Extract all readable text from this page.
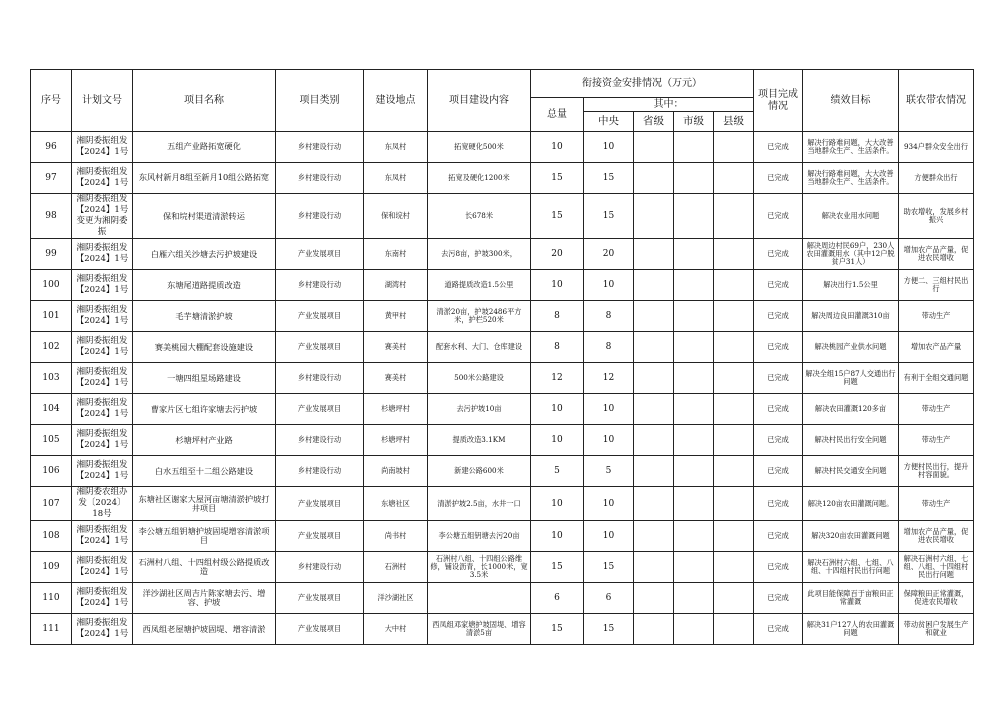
序号	计划文号	项目名称	项目类别	建设地点	项目建设内容	衔接资金安排情况（万元）					项目完成情况	绩效目标	联农带农情况
						总量	其中：						
							中央	省级	市级	县级			
96	湘阴委振组发【2024】1号	五组产业路拓宽硬化	乡村建设行动	东凤村	拓宽硬化500米	10	10				已完成	解决行路难问题，大大改善当地群众生产、生活条件。	934户群众安全出行
97	湘阴委振组发【2024】1号	东风村新月8组至新月10组公路拓宽	乡村建设行动	东凤村	拓宽及硬化1200米	15	15				已完成	解决行路难问题，大大改善当地群众生产、生活条件。	方便群众出行
98	湘阴委振组发【2024】1号变更为湘阴委振	保和垸村渠道清淤转运	乡村建设行动	保和垸村	长678米	15	15				已完成	解决农业用水问题	助农增收，发展乡村振兴
99	湘阴委振组发【2024】1号	白雁六组关沙塘去污护坡建设	产业发展项目	东南村	去污8亩，护坡300米，	20	20				已完成	解决周边村民69户，230人农田灌溉用水（其中12户脱贫户31人）	增加农产品产量，促进农民增收
100	湘阴委振组发【2024】1号	东塘尾道路提质改造	乡村建设行动	湖湾村	道路提质改造1.5公里	10	10				已完成	解决出行1.5公里	方便二、三组村民出行
101	湘阴委振组发【2024】1号	毛芋塘清淤护坡	产业发展项目	黄甲村	清淤20亩，护坡2486平方米，护栏520米	8	8				已完成	解决周边良田灌溉310亩	带动生产
102	湘阴委振组发【2024】1号	赛美桃园大棚配套设施建设	产业发展项目	赛美村	配套水利、大门、仓库建设	8	8				已完成	解决桃园产业供水问题	增加农产品产量
103	湘阴委振组发【2024】1号	一塘四组星场路建设	乡村建设行动	赛美村	500米公路建设	12	12				已完成	解决全组15户87人交通出行问题	有利于全组交通问题
104	湘阴委振组发【2024】1号	曹家片区七组许家塘去污护坡	产业发展项目	杉塘坪村	去污护坡10亩	10	10				已完成	解决农田灌溉120多亩	带动生产
105	湘阴委振组发【2024】1号	杉塘坪村产业路	乡村建设行动	杉塘坪村	提质改造3.1KM	10	10				已完成	解决村民出行安全问题	带动生产
106	湘阴委振组发【2024】1号	白水五组至十二组公路建设	乡村建设行动	尚南坡村	新建公路600米	5	5				已完成	解决村民交通安全问题	方便村民出行，提升村容面貌。
107	湘阴委农组办发〔2024〕18号	东塘社区谢家大屋河亩塘清淤护坡打井项目	产业发展项目	东塘社区	清淤护坡2.5亩，水井一口	10	10				已完成	解决120亩农田灌溉问题。	带动生产
108	湘阴委振组发【2024】1号	李公塘五组钥塘护坡固堤增容清淤项目	产业发展项目	尚书村	李公塘五组钥塘去污20亩	10	10				已完成	解决320亩农田灌溉问题	增加农产品产量，促进农民增收
109	湘阴委振组发【2024】1号	石洲村八组、十四组村级公路提质改造	乡村建设行动	石洲村	石洲村八组、十四组公路维修，铺设沥青，长1000米，宽3.5米	15	15				已完成	解决石洲村六组、七组、八组、十四组村民出行问题	解决石洲村六组、七组、八组、十四组村民出行问题
110	湘阴委振组发【2024】1号	洋沙湖社区周吉片陈家塘去污、增容、护坡	产业发展项目	洋沙湖社区		6	6				已完成	此项目能保障百于亩粮田正常灌溉	保障粮田正常灌溉，促进农民增收
111	湘阴委振组发【2024】1号	西凤组老屋塘护坡固堤、增容清淤	产业发展项目	大中村	西凤组邓家塘护坡固堤、增容清淤5亩	15	15				已完成	解决31户127人的农田灌溉问题	带动贫困户发展生产和就业
